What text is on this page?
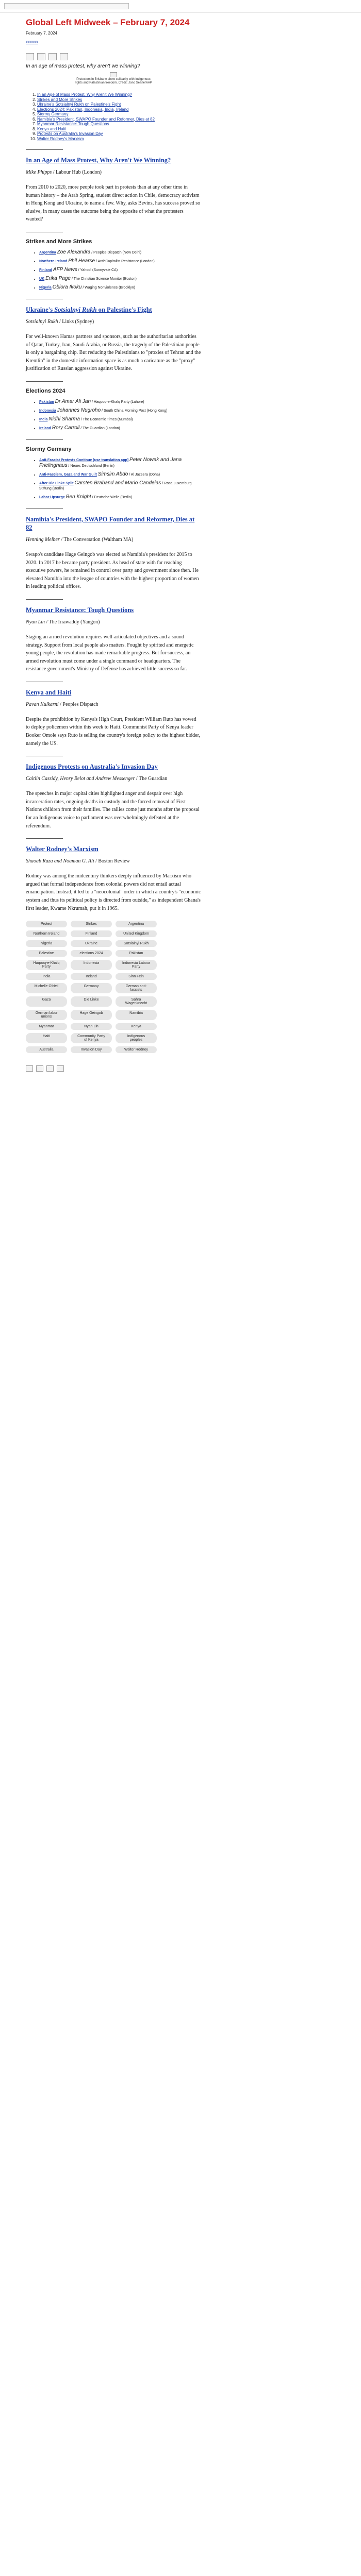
Global Left Midweek – February 7, 2024
February 7, 2024
xxxxxx
In an age of mass protest, why aren't we winning?
Protesters in Brisbane show solidarity with Indigenous rights and Palestinian freedom. Credit: Jono Searle/AAP
1. In an Age of Mass Protest, Why Aren't We Winning?
2. Strikes and More Strikes
3. Ukraine's Sotsialnyi Rukh on Palestine's Fight
4. Elections 2024: Pakistan, Indonesia, India, Ireland
5. Stormy Germany
6. Namibia's President, SWAPO Founder and Reformer, Dies at 82
7. Myanmar Resistance: Tough Questions
8. Kenya and Haiti
9. Protests on Australia's Invasion Day
10. Walter Rodney's Marxism
In an Age of Mass Protest, Why Aren't We Winning?
Mike Phipps / Labour Hub (London)

From 2010 to 2020, more people took part in protests than at any other time in human history – the Arab Spring, student direct action in Chile, democracy activism in Hong Kong and Ukraine, to name a few. Why, asks Bevins, has success proved so elusive, in many cases the outcome being the opposite of what the protesters wanted?

Strikes and More Strikes
• Argentina Zoe Alexandra / Peoples Dispatch (New Delhi)
• Northern Ireland Phil Hearse / Anti*Capitalist Resistance (London)
• Finland AFP News / Yahoo! (Sunnyvale CA)
• UK Erika Page / The Christian Science Monitor (Boston)
• Nigeria Obiora Ikoku / Waging Nonviolence (Brooklyn)
Ukraine's Sotsialnyi Rukh on Palestine's Fight
Sotsialnyi Rukh / Links (Sydney)

For well-known Hamas partners and sponsors, such as the authoritarian authorities of Qatar, Turkey, Iran, Saudi Arabia, or Russia, the tragedy of the Palestinian people is only a bargaining chip. But reducing the Palestinians to "proxies of Tehran and the Kremlin" in the domestic information space is as much a caricature as the "proxy" justification of Russian aggression against Ukraine.

Elections 2024
• Pakistan Dr Amar Ali Jan / Haqooq-e-Khalq Party (Lahore)
• Indonesia Johannes Nugroho / South China Morning Post (Hong Kong)
• India Nidhi Sharma / The Economic Times (Mumbai)
• Ireland Rory Carroll / The Guardian (London)
Stormy Germany
• Anti-Fascist Protests Continue [use translation app] Peter Nowak and Jana Frielinghaus / Neues Deutschland (Berlin)
• Anti-Fascism, Gaza and War Guilt Simsim Abdo / Al Jazeera (Doha)
• After Die Linke Split Carsten Braband and Mario Candeias / Rosa Luxemburg Stiftung (Berlin)
• Labor Upsurge Ben Knight / Deutsche Welle (Berlin)
Namibia's President, SWAPO Founder and Reformer, Dies at 82
Henning Melber / The Conversation (Waltham MA)

Swapo's candidate Hage Geingob was elected as Namibia's president for 2015 to 2020. In 2017 he became party president. As head of state with far reaching executive powers, he remained in control over party and government since then. He elevated Namibia into the league of countries with the highest proportion of women in leading political offices.

Myanmar Resistance: Tough Questions
Nyan Lin / The Irrawaddy (Yangon)

Staging an armed revolution requires well-articulated objectives and a sound strategy. Support from local people also matters. Fought by spirited and energetic young people, the revolution has made remarkable progress. But for success, an armed revolution must come under a single command or headquarters. The resistance government's Ministry of Defense has achieved little success so far.

Kenya and Haiti
Pavan Kulkarni / Peoples Dispatch

Despite the prohibition by Kenya's High Court, President William Ruto has vowed to deploy policemen within this week to Haiti. Communist Party of Kenya leader Booker Omole says Ruto is selling the country's foreign policy to the highest bidder, namely the US.

Indigenous Protests on Australia's Invasion Day
Caitlin Cassidy, Henry Belot and Andrew Messenger / The Guardian

The speeches in major capital cities highlighted anger and despair over high incarceration rates, ongoing deaths in custody and the forced removal of First Nations children from their families. The rallies come just months after the proposal for an Indigenous voice to parliament was overwhelmingly defeated at the referendum.

Walter Rodney's Marxism
Shaoab Raza and Noaman G. Ali / Boston Review

Rodney was among the midcentury thinkers deeply influenced by Marxism who argued that formal independence from colonial powers did not entail actual emancipation. Instead, it led to a "neocolonial" order in which a country's "economic system and thus its political policy is directed from outside," as independent Ghana's first leader, Kwame Nkrumah, put it in 1965.

Protest	Strikes	Argentina
Northern Ireland	Finland	United Kingdom
Nigeria	Ukraine	Sotsialnyi Rukh
Palestine	elections 2024	Pakistan
Haqooq-e-Khalq Party
Indonesia	Indonesia Labour Party
India	Ireland	Sinn Fein
Michelle O'Neil	Germany	German anti-fascists
Gaza	Die Linke	Sahra Wagenknecht
German labor unions
Hage Geingob	Namibia
Myanmar	Nyan Lin	Kenya
Haiti	Community Party of Kenya
Indigenous peoples
Australia	Invasion Day	Walter Rodney
